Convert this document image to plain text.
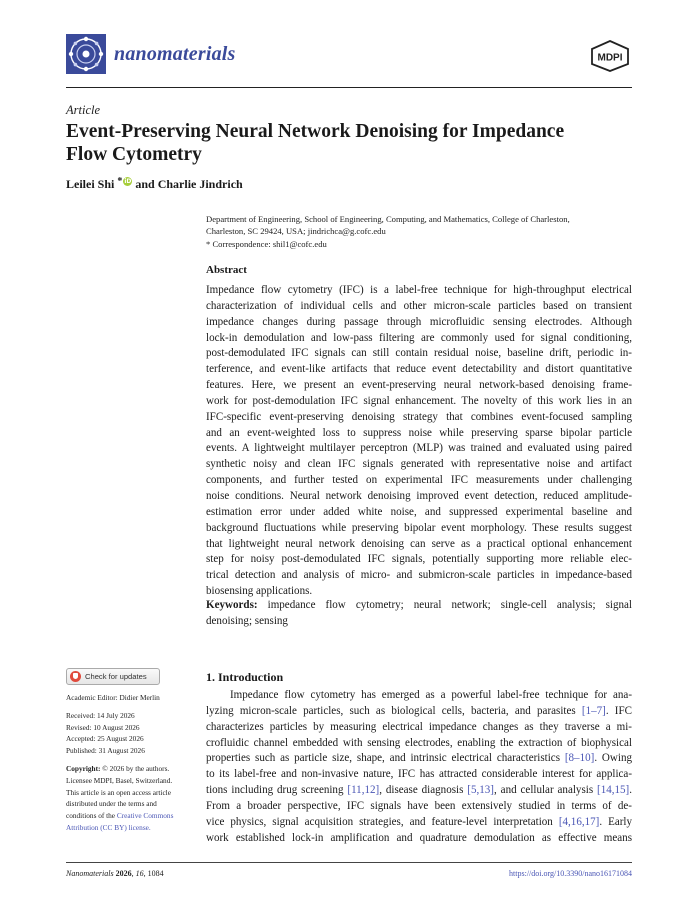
nanomaterials	MDPI
Article
Event-Preserving Neural Network Denoising for Impedance
Flow Cytometry
Leilei Shi * iD and Charlie Jindrich
Department of Engineering, School of Engineering, Computing, and Mathematics, College of Charleston,
Charleston, SC 29424, USA; jindrichca@g.cofc.edu
* Correspondence: shil1@cofc.edu
Abstract
Impedance flow cytometry (IFC) is a label-free technique for high-throughput electrical
characterization of individual cells and other micron-scale particles based on transient
impedance changes during passage through microfluidic sensing electrodes. Although
lock-in demodulation and low-pass filtering are commonly used for signal conditioning,
post-demodulated IFC signals can still contain residual noise, baseline drift, periodic in-
terference, and event-like artifacts that reduce event detectability and distort quantitative
features. Here, we present an event-preserving neural network-based denoising frame-
work for post-demodulation IFC signal enhancement. The novelty of this work lies in an
IFC-specific event-preserving denoising strategy that combines event-focused sampling
and an event-weighted loss to suppress noise while preserving sparse bipolar particle
events. A lightweight multilayer perceptron (MLP) was trained and evaluated using paired
synthetic noisy and clean IFC signals generated with representative noise and artifact
components, and further tested on experimental IFC measurements under challenging
noise conditions. Neural network denoising improved event detection, reduced amplitude-
estimation error under added white noise, and suppressed experimental baseline and
background fluctuations while preserving bipolar event morphology. These results suggest
that lightweight neural network denoising can serve as a practical optional enhancement
step for noisy post-demodulated IFC signals, potentially supporting more reliable elec-
trical detection and analysis of micro- and submicron-scale particles in impedance-based
biosensing applications.
Keywords: impedance flow cytometry; neural network; single-cell analysis; signal
denoising; sensing
Check for updates
Academic Editor: Didier Merlin
Received: 14 July 2026
Revised: 10 August 2026
Accepted: 25 August 2026
Published: 31 August 2026
Copyright: © 2026 by the authors.
Licensee MDPI, Basel, Switzerland.
This article is an open access article
distributed under the terms and
conditions of the Creative Commons
Attribution (CC BY) license.
1. Introduction
Impedance flow cytometry has emerged as a powerful label-free technique for ana-
lyzing micron-scale particles, such as biological cells, bacteria, and parasites [1–7]. IFC
characterizes particles by measuring electrical impedance changes as they traverse a mi-
crofluidic channel embedded with sensing electrodes, enabling the extraction of biophysical
properties such as particle size, shape, and intrinsic electrical characteristics [8–10]. Owing
to its label-free and non-invasive nature, IFC has attracted considerable interest for applica-
tions including drug screening [11,12], disease diagnosis [5,13], and cellular analysis [14,15].
From a broader perspective, IFC signals have been extensively studied in terms of de-
vice physics, signal acquisition strategies, and feature-level interpretation [4,16,17]. Early
work established lock-in amplification and quadrature demodulation as effective means
Nanomaterials 2026, 16, 1084	https://doi.org/10.3390/nano16171084
